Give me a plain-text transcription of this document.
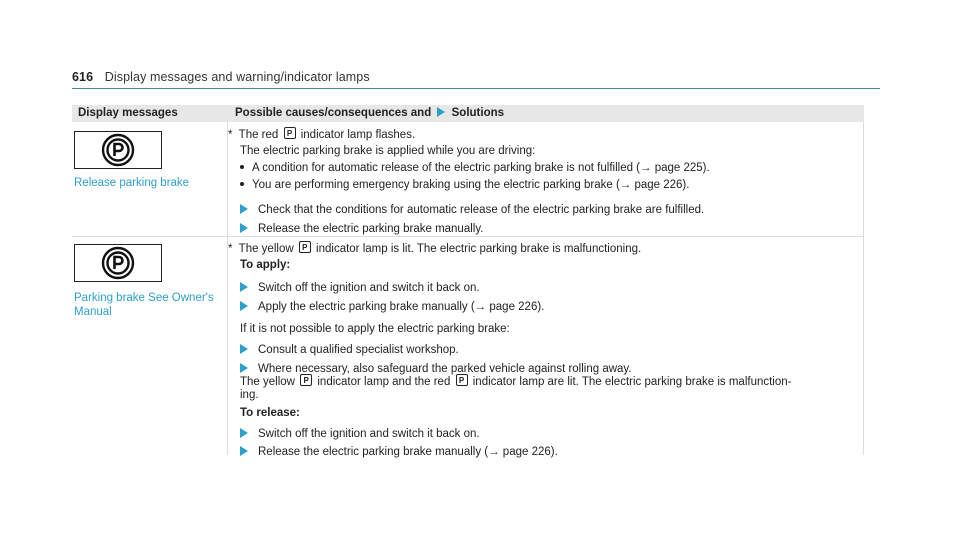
616 Display messages and warning/indicator lamps
Display messages	Possible causes/consequences and Solutions
Release parking brake
* The red P indicator lamp flashes.
The electric parking brake is applied while you are driving:
A condition for automatic release of the electric parking brake is not fulfilled (→ page 225).
You are performing emergency braking using the electric parking brake (→ page 226).
Check that the conditions for automatic release of the electric parking brake are fulfilled.
Release the electric parking brake manually.
Parking brake See Owner's Manual
* The yellow P indicator lamp is lit. The electric parking brake is malfunctioning.
To apply:
Switch off the ignition and switch it back on.
Apply the electric parking brake manually (→ page 226).
If it is not possible to apply the electric parking brake:
Consult a qualified specialist workshop.
Where necessary, also safeguard the parked vehicle against rolling away.
The yellow P indicator lamp and the red P indicator lamp are lit. The electric parking brake is malfunction-
ing.
To release:
Switch off the ignition and switch it back on.
Release the electric parking brake manually (→ page 226).
